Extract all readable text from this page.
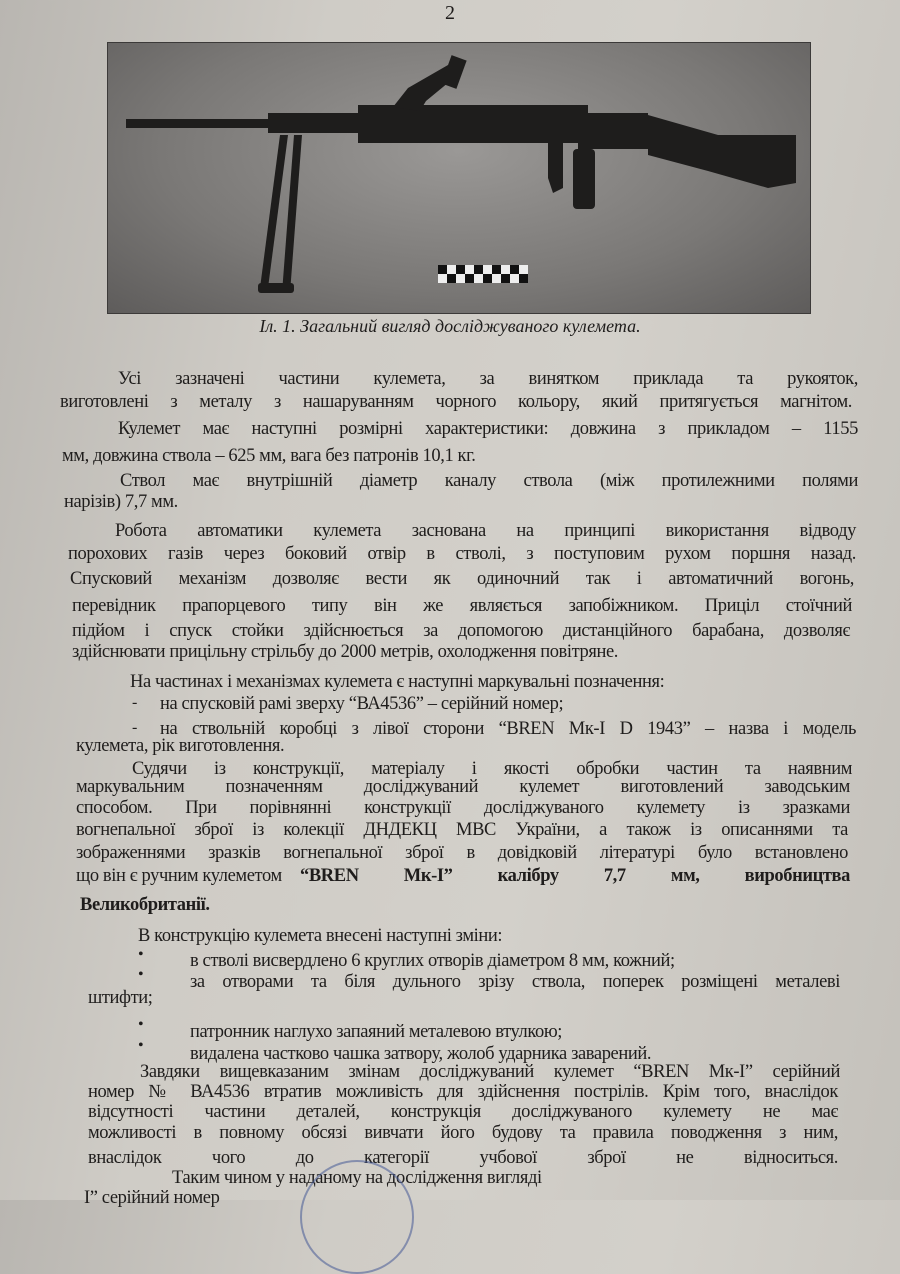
2
Іл. 1. Загальний вигляд досліджуваного кулемета.
Усі зазначені частини кулемета, за винятком приклада та рукояток,
виготовлені з металу з нашаруванням чорного кольору, який притягується магнітом.
Кулемет має наступні розмірні характеристики: довжина з прикладом – 1155
мм, довжина ствола – 625 мм, вага без патронів 10,1 кг.
Ствол має внутрішній діаметр каналу ствола (між протилежними полями
нарізів) 7,7 мм.
Робота автоматики кулемета заснована на принципі використання відводу
порохових газів через боковий отвір в стволі, з поступовим рухом поршня назад.
Спусковий механізм дозволяє вести як одиночний так і автоматичний вогонь,
перевідник прапорцевого типу він же являється запобіжником. Приціл стоїчний
підйом і спуск стойки здійснюється за допомогою дистанційного барабана, дозволяє
здійснювати прицільну стрільбу до 2000 метрів, охолодження повітряне.
На частинах і механізмах кулемета є наступні маркувальні позначення:
- на спусковій рамі зверху “ВА4536” – серійний номер;
- на ствольній коробці з лівої сторони “BREN Мк-І D 1943” – назва і модель
кулемета, рік виготовлення.
Судячи із конструкції, матеріалу і якості обробки частин та наявним
маркувальним позначенням досліджуваний кулемет виготовлений заводським
способом. При порівнянні конструкції досліджуваного кулемету із зразками
вогнепальної зброї із колекції ДНДЕКЦ МВС України, а також із описаннями та
зображеннями зразків вогнепальної зброї в довідковій літературі було встановлено
що він є ручним кулеметом “BREN Мк-І” калібру 7,7 мм, виробництва
Великобританії.
В конструкцію кулемета внесені наступні зміни:
•	в стволі висвердлено 6 круглих отворів діаметром 8 мм, кожний;
•	за отворами та біля дульного зрізу ствола, поперек розміщені металеві
штифти;
•	патронник наглухо запаяний металевою втулкою;
•	видалена частково чашка затвору, жолоб ударника заварений.
Завдяки вищевказаним змінам досліджуваний кулемет “BREN Мк-І” серійний
номер № ВА4536 втратив можливість для здійснення пострілів. Крім того, внаслідок
відсутності частини деталей, конструкція досліджуваного кулемету не має
можливості в повному обсязі вивчати його будову та правила поводження з ним,
внаслідок чого до категорії учбової зброї не відноситься.
Таким чином у наданому на дослідження вигляді
І” серійний номер
